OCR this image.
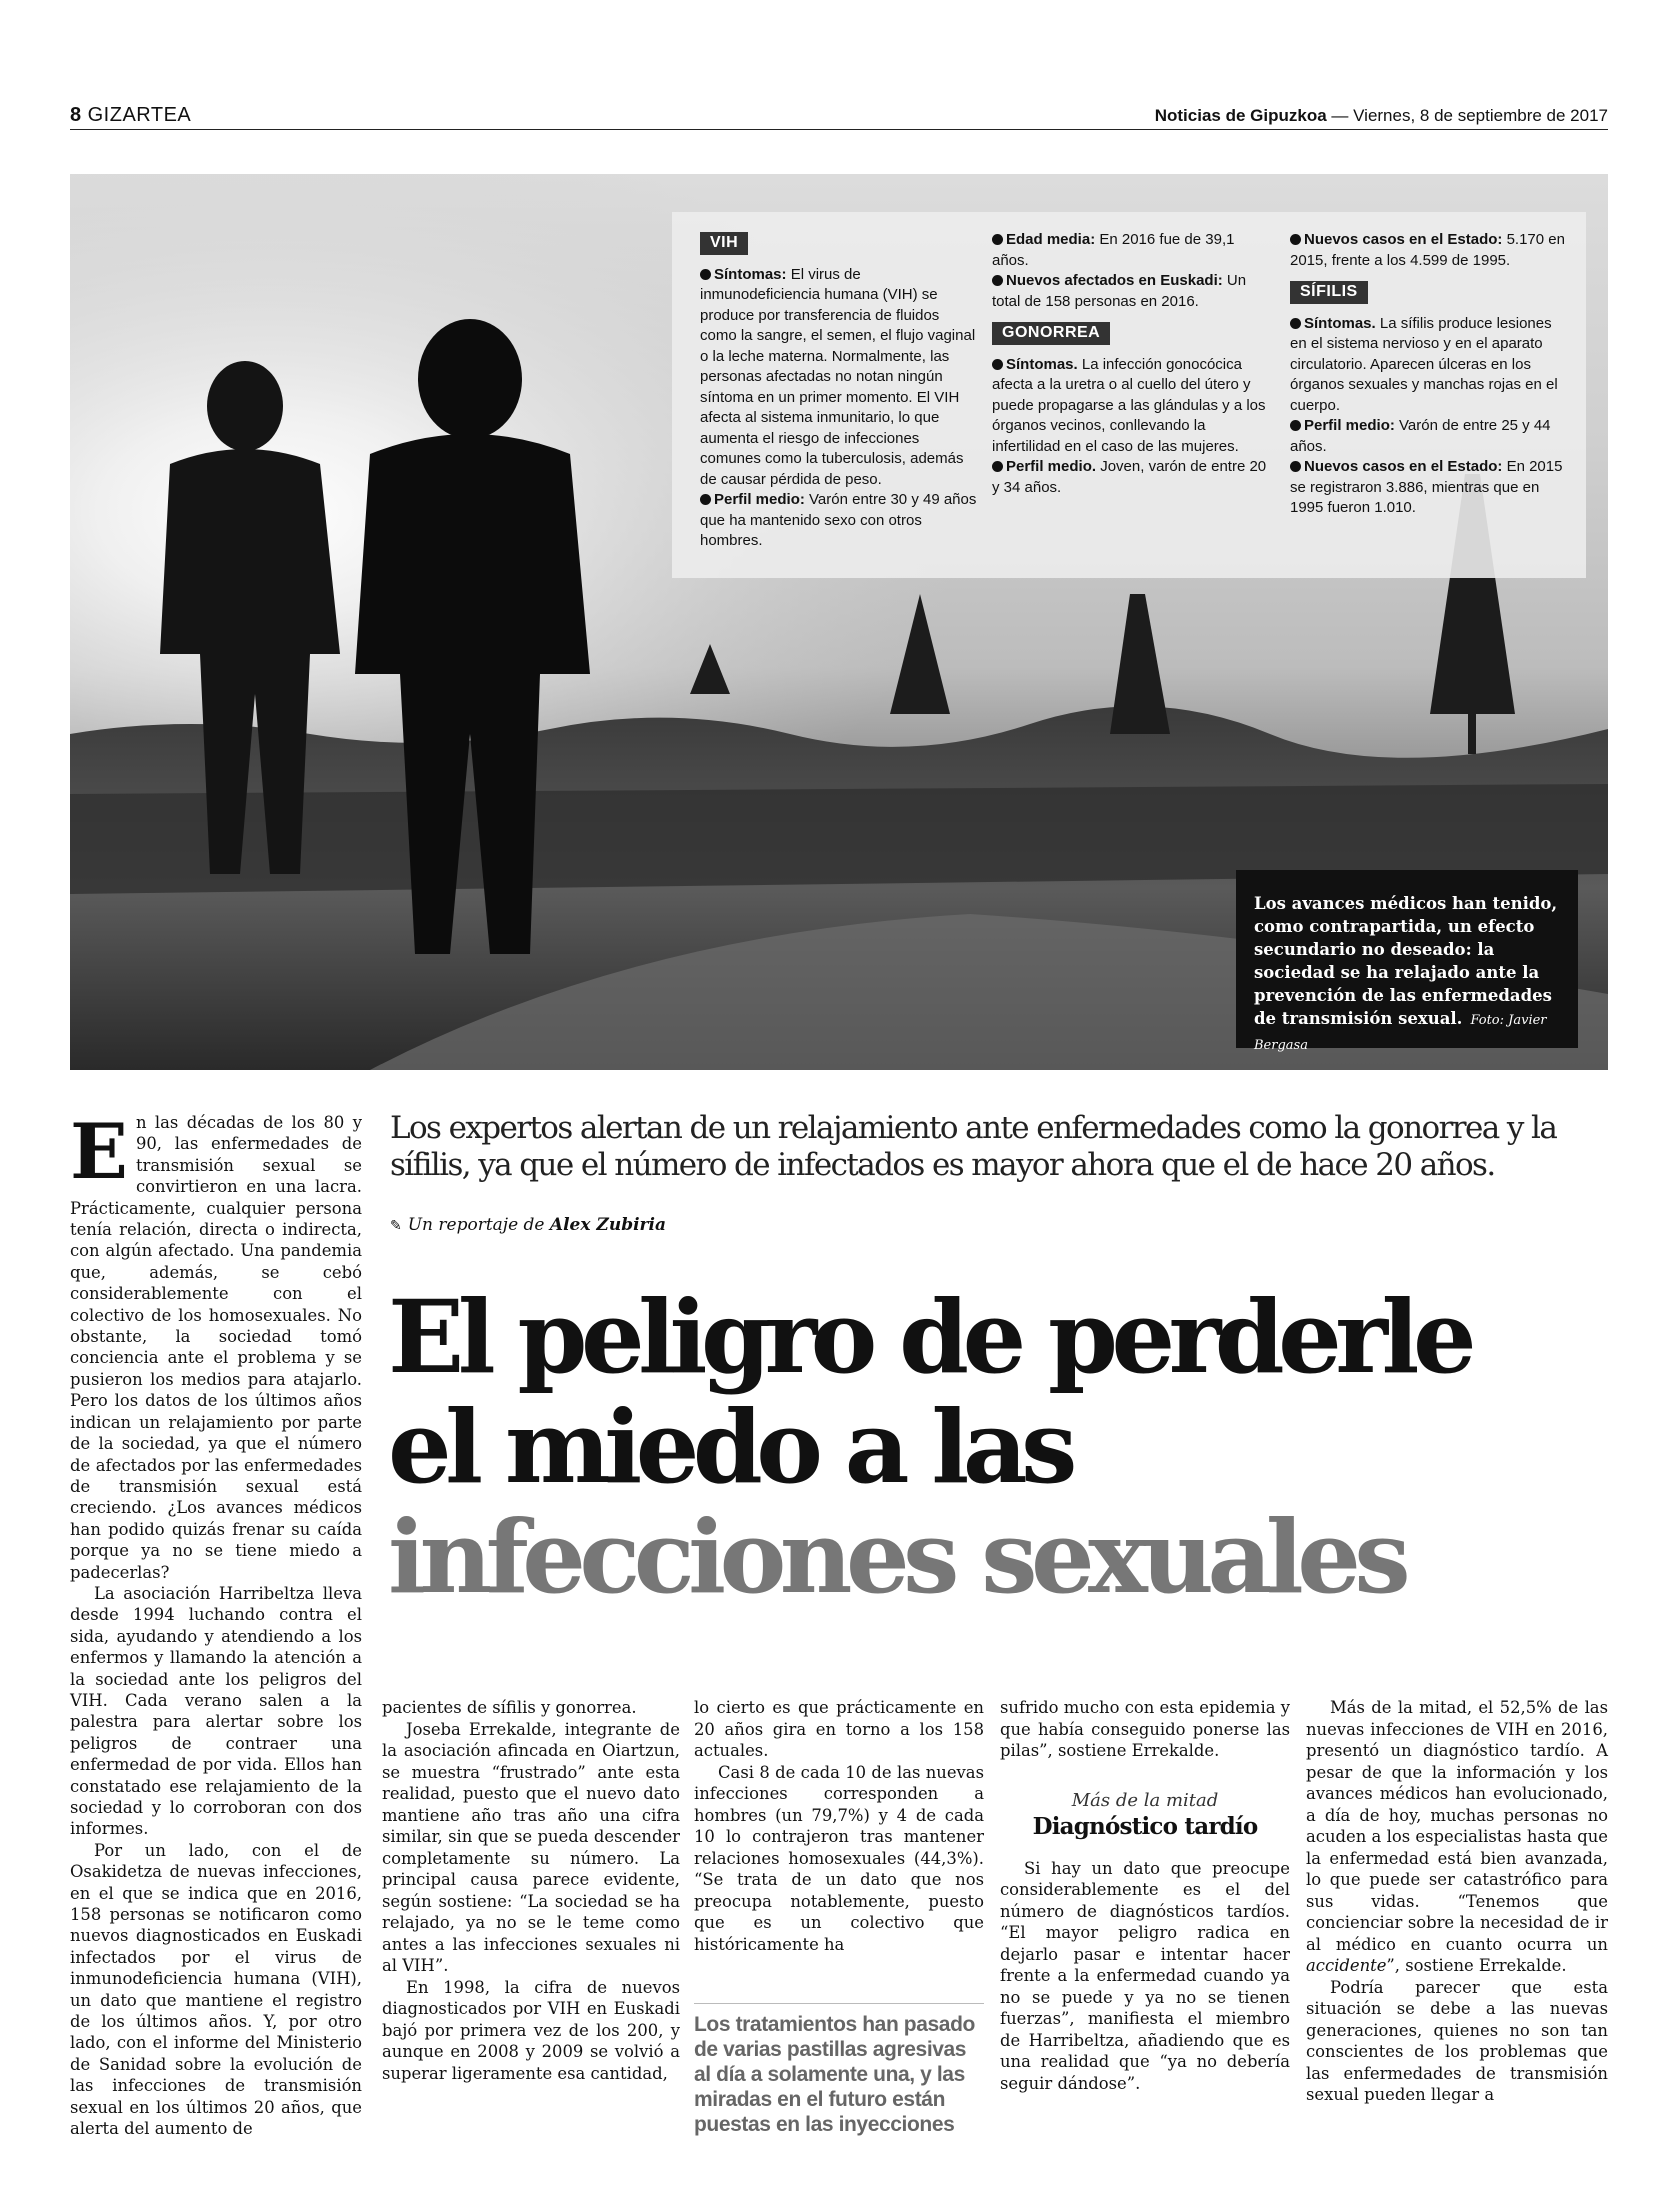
8 GIZARTEA	Noticias de Gipuzkoa — Viernes, 8 de septiembre de 2017
VIH

Síntomas: El virus de inmunodeficiencia humana (VIH) se produce por transferencia de fluidos como la sangre, el semen, el flujo vaginal o la leche materna. Normalmente, las personas afectadas no notan ningún síntoma en un primer momento. El VIH afecta al sistema inmunitario, lo que aumenta el riesgo de infecciones comunes como la tuberculosis, además de causar pérdida de peso.

Perfil medio: Varón entre 30 y 49 años que ha mantenido sexo con otros hombres.

Edad media: En 2016 fue de 39,1 años.

Nuevos afectados en Euskadi: Un total de 158 personas en 2016.

GONORREA

Síntomas. La infección gonocócica afecta a la uretra o al cuello del útero y puede propagarse a las glándulas y a los órganos vecinos, conllevando la infertilidad en el caso de las mujeres.

Perfil medio. Joven, varón de entre 20 y 34 años.

Nuevos casos en el Estado: 5.170 en 2015, frente a los 4.599 de 1995.

SÍFILIS

Síntomas. La sífilis produce lesiones en el sistema nervioso y en el aparato circulatorio. Aparecen úlceras en los órganos sexuales y manchas rojas en el cuerpo.

Perfil medio: Varón de entre 25 y 44 años.

Nuevos casos en el Estado: En 2015 se registraron 3.886, mientras que en 1995 fueron 1.010.

Los avances médicos han tenido, como contrapartida, un efecto secundario no deseado: la sociedad se ha relajado ante la prevención de las enfermedades de transmisión sexual. Foto: Javier Bergasa

En las décadas de los 80 y 90, las enfermedades de transmisión sexual se convirtieron en una lacra. Prácticamente, cualquier persona tenía relación, directa o indirecta, con algún afectado. Una pandemia que, además, se cebó considerablemente con el colectivo de los homosexuales. No obstante, la sociedad tomó conciencia ante el problema y se pusieron los medios para atajarlo. Pero los datos de los últimos años indican un relajamiento por parte de la sociedad, ya que el número de afectados por las enfermedades de transmisión sexual está creciendo. ¿Los avances médicos han podido quizás frenar su caída porque ya no se tiene miedo a padecerlas?

La asociación Harribeltza lleva desde 1994 luchando contra el sida, ayudando y atendiendo a los enfermos y llamando la atención a la sociedad ante los peligros del VIH. Cada verano salen a la palestra para alertar sobre los peligros de contraer una enfermedad de por vida. Ellos han constatado ese relajamiento de la sociedad y lo corroboran con dos informes.

Por un lado, con el de Osakidetza de nuevas infecciones, en el que se indica que en 2016, 158 personas se notificaron como nuevos diagnosticados en Euskadi infectados por el virus de inmunodeficiencia humana (VIH), un dato que mantiene el registro de los últimos años. Y, por otro lado, con el informe del Ministerio de Sanidad sobre la evolución de las infecciones de transmisión sexual en los últimos 20 años, que alerta del aumento de

Los expertos alertan de un relajamiento ante enfermedades como la gonorrea y la sífilis, ya que el número de infectados es mayor ahora que el de hace 20 años.
✎ Un reportaje de Alex Zubiria
El peligro de perderle
el miedo a las
infecciones sexuales

pacientes de sífilis y gonorrea.

Joseba Errekalde, integrante de la asociación afincada en Oiartzun, se muestra “frustrado” ante esta realidad, puesto que el nuevo dato mantiene año tras año una cifra similar, sin que se pueda descender completamente su número. La principal causa parece evidente, según sostiene: “La sociedad se ha relajado, ya no se le teme como antes a las infecciones sexuales ni al VIH”.

En 1998, la cifra de nuevos diagnosticados por VIH en Euskadi bajó por primera vez de los 200, y aunque en 2008 y 2009 se volvió a superar ligeramente esa cantidad,

lo cierto es que prácticamente en 20 años gira en torno a los 158 actuales.

Casi 8 de cada 10 de las nuevas infecciones corresponden a hombres (un 79,7%) y 4 de cada 10 lo contrajeron tras mantener relaciones homosexuales (44,3%). “Se trata de un dato que nos preocupa notablemente, puesto que es un colectivo que históricamente ha

Los tratamientos han pasado de varias pastillas agresivas al día a solamente una, y las miradas en el futuro están puestas en las inyecciones

sufrido mucho con esta epidemia y que había conseguido ponerse las pilas”, sostiene Errekalde.

Si hay un dato que preocupe considerablemente es el del número de diagnósticos tardíos. “El mayor peligro radica en dejarlo pasar e intentar hacer frente a la enfermedad cuando ya no se puede y ya no se tienen fuerzas”, manifiesta el miembro de Harribeltza, añadiendo que es una realidad que “ya no debería seguir dándose”.

Más de la mitad
Diagnóstico tardío

Más de la mitad, el 52,5% de las nuevas infecciones de VIH en 2016, presentó un diagnóstico tardío. A pesar de que la información y los avances médicos han evolucionado, a día de hoy, muchas personas no acuden a los especialistas hasta que la enfermedad está bien avanzada, lo que puede ser catastrófico para sus vidas. “Tenemos que concienciar sobre la necesidad de ir al médico en cuanto ocurra un accidente”, sostiene Errekalde.

Podría parecer que esta situación se debe a las nuevas generaciones, quienes no son tan conscientes de los problemas que las enfermedades de transmisión sexual pueden llegar a
